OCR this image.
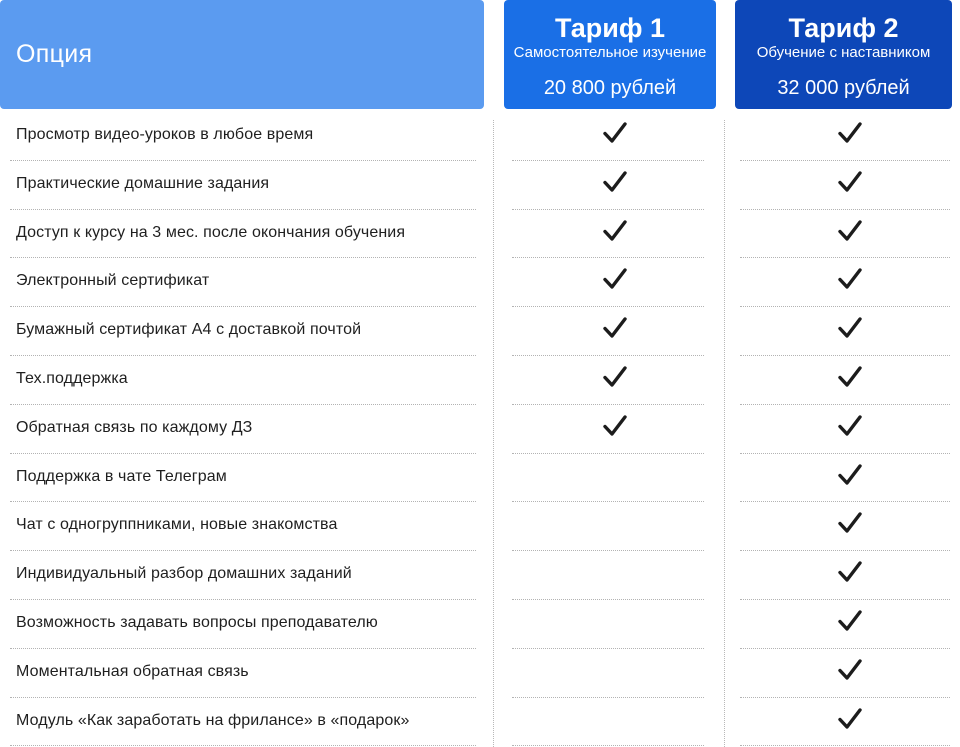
Опция
Тариф 1
Самостоятельное изучение
20 800 рублей
Тариф 2
Обучение с наставником
32 000 рублей
Просмотр видео-уроков в любое время
Практические домашние задания
Доступ к курсу на 3 мес. после окончания обучения
Электронный сертификат
Бумажный сертификат А4 с доставкой почтой
Тех.поддержка
Обратная связь по каждому ДЗ
Поддержка в чате Телеграм
Чат с одногруппниками, новые знакомства
Индивидуальный разбор домашних заданий
Возможность задавать вопросы преподавателю
Моментальная обратная связь
Модуль «Как заработать на фрилансе» в «подарок»
